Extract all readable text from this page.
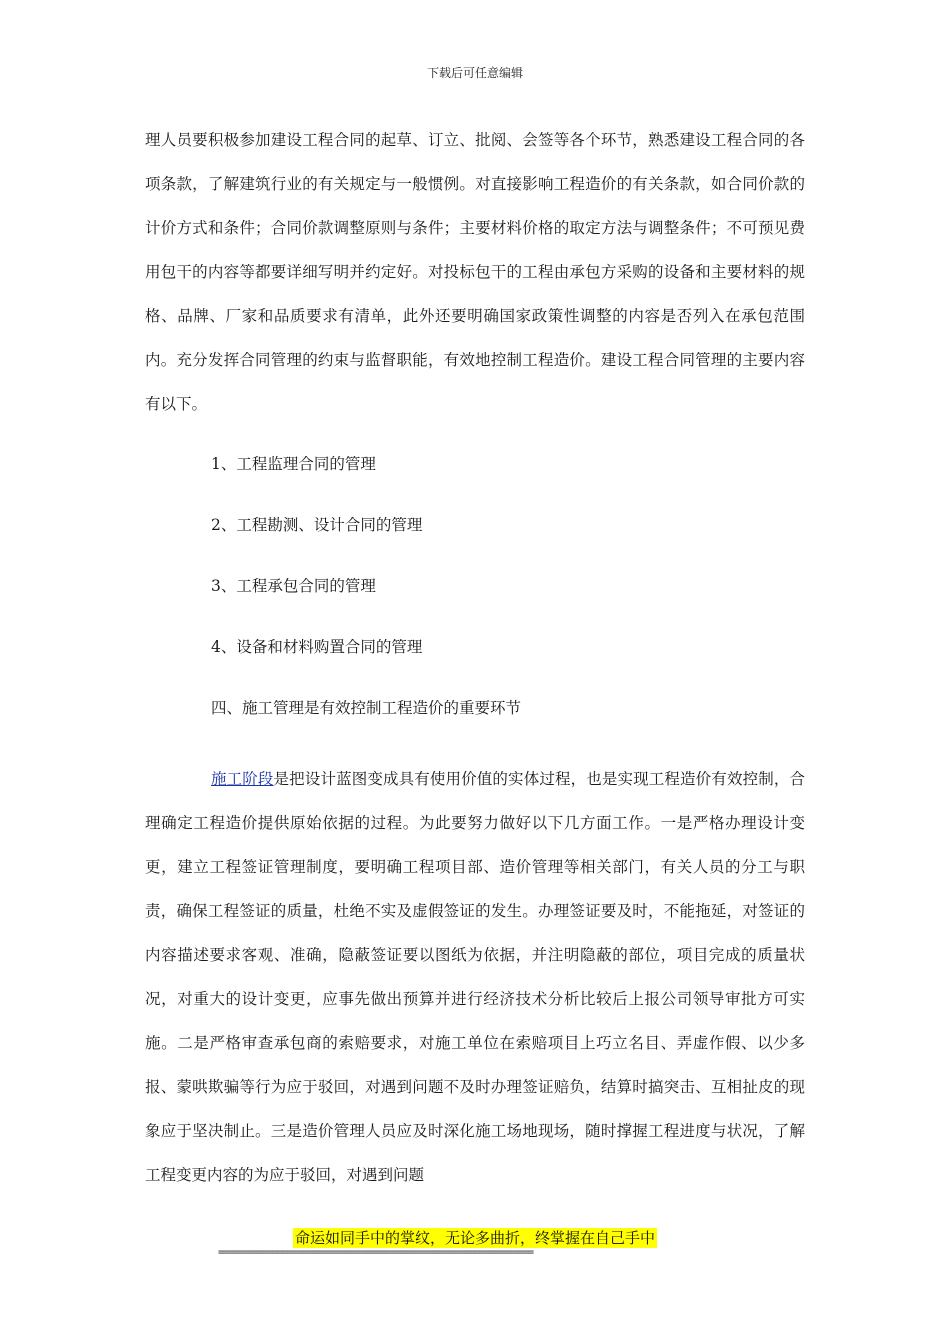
下载后可任意编辑

理人员要积极参加建设工程合同的起草、订立、批阅、会签等各个环节，熟悉建设工程合同的各项条款，了解建筑行业的有关规定与一般惯例。对直接影响工程造价的有关条款，如合同价款的计价方式和条件；合同价款调整原则与条件；主要材料价格的取定方法与调整条件；不可预见费用包干的内容等都要详细写明并约定好。对投标包干的工程由承包方采购的设备和主要材料的规格、品牌、厂家和品质要求有清单，此外还要明确国家政策性调整的内容是否列入在承包范围内。充分发挥合同管理的约束与监督职能，有效地控制工程造价。建设工程合同管理的主要内容有以下。

1、工程监理合同的管理

2、工程勘测、设计合同的管理

3、工程承包合同的管理

4、设备和材料购置合同的管理

四、施工管理是有效控制工程造价的重要环节

施工阶段是把设计蓝图变成具有使用价值的实体过程，也是实现工程造价有效控制，合理确定工程造价提供原始依据的过程。为此要努力做好以下几方面工作。一是严格办理设计变更，建立工程签证管理制度，要明确工程项目部、造价管理等相关部门，有关人员的分工与职责，确保工程签证的质量，杜绝不实及虚假签证的发生。办理签证要及时，不能拖延，对签证的内容描述要求客观、准确，隐蔽签证要以图纸为依据，并注明隐蔽的部位，项目完成的质量状况，对重大的设计变更，应事先做出预算并进行经济技术分析比较后上报公司领导审批方可实施。二是严格审查承包商的索赔要求，对施工单位在索赔项目上巧立名目、弄虚作假、以少多报、蒙哄欺骗等行为应于驳回，对遇到问题不及时办理签证赔负，结算时搞突击、互相扯皮的现象应于坚决制止。三是造价管理人员应及时深化施工场地现场，随时撑握工程进度与状况，了解工程变更内容的为应于驳回，对遇到问题

命运如同手中的掌纹，无论多曲折，终掌握在自己手中
================================================================
